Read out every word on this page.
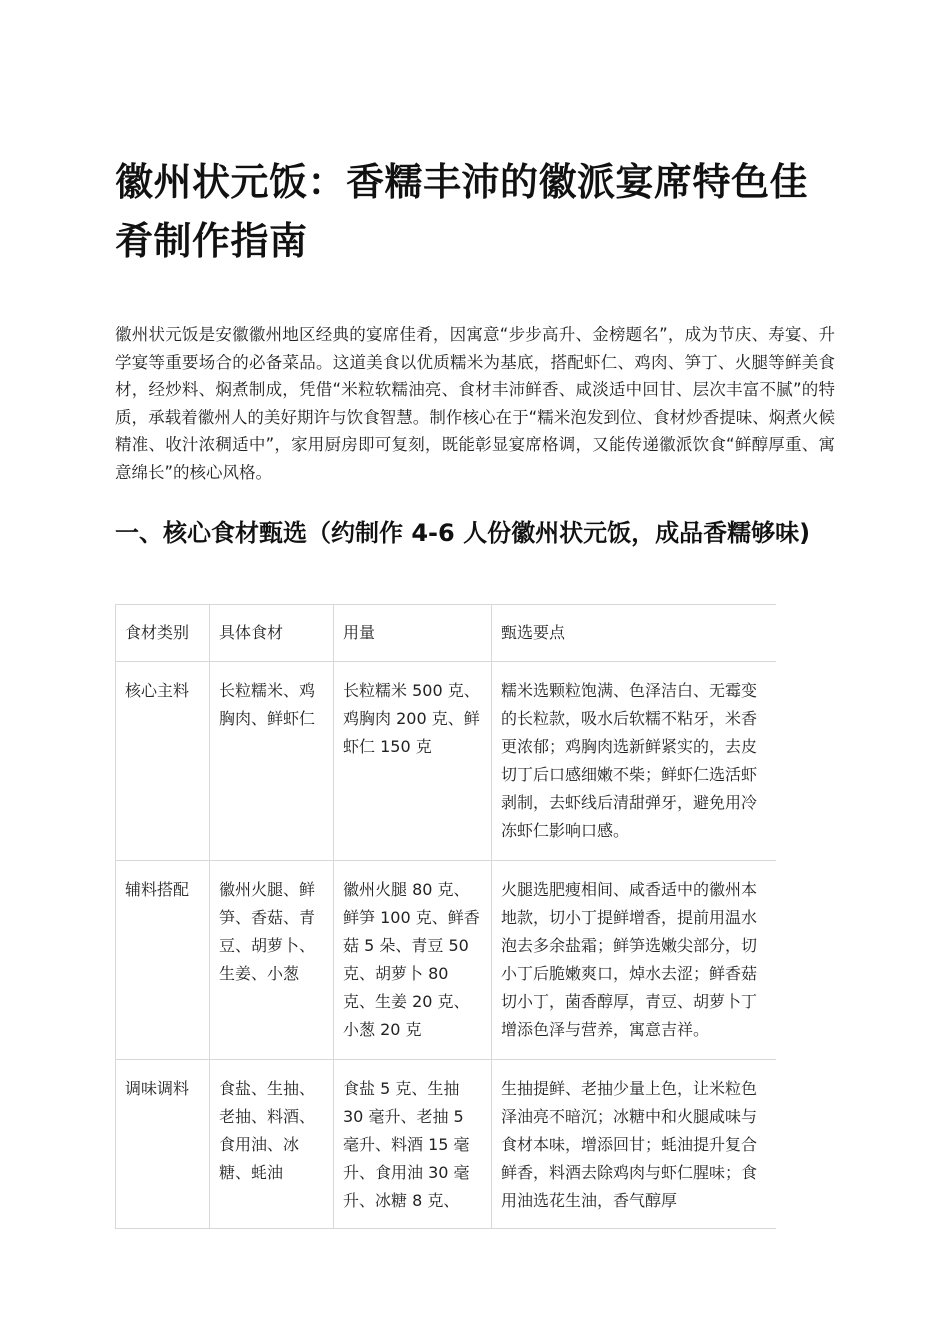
徽州状元饭：香糯丰沛的徽派宴席特色佳肴制作指南

徽州状元饭是安徽徽州地区经典的宴席佳肴，因寓意“步步高升、金榜题名”，成为节庆、寿宴、升学宴等重要场合的必备菜品。这道美食以优质糯米为基底，搭配虾仁、鸡肉、笋丁、火腿等鲜美食材，经炒料、焖煮制成，凭借“米粒软糯油亮、食材丰沛鲜香、咸淡适中回甘、层次丰富不腻”的特质，承载着徽州人的美好期许与饮食智慧。制作核心在于“糯米泡发到位、食材炒香提味、焖煮火候精准、收汁浓稠适中”，家用厨房即可复刻，既能彰显宴席格调，又能传递徽派饮食“鲜醇厚重、寓意绵长”的核心风格。

一、核心食材甄选（约制作 4-6 人份徽州状元饭，成品香糯够味)
食材类别	具体食材	用量	甄选要点
核心主料	长粒糯米、鸡胸肉、鲜虾仁	长粒糯米 500 克、鸡胸肉 200 克、鲜虾仁 150 克	糯米选颗粒饱满、色泽洁白、无霉变的长粒款，吸水后软糯不粘牙，米香更浓郁；鸡胸肉选新鲜紧实的，去皮切丁后口感细嫩不柴；鲜虾仁选活虾剥制，去虾线后清甜弹牙，避免用冷冻虾仁影响口感。
辅料搭配	徽州火腿、鲜笋、香菇、青豆、胡萝卜、生姜、小葱	徽州火腿 80 克、鲜笋 100 克、鲜香菇 5 朵、青豆 50 克、胡萝卜 80 克、生姜 20 克、小葱 20 克	火腿选肥瘦相间、咸香适中的徽州本地款，切小丁提鲜增香，提前用温水泡去多余盐霜；鲜笋选嫩尖部分，切小丁后脆嫩爽口，焯水去涩；鲜香菇切小丁，菌香醇厚，青豆、胡萝卜丁增添色泽与营养，寓意吉祥。
调味调料	食盐、生抽、老抽、料酒、食用油、冰糖、蚝油	食盐 5 克、生抽 30 毫升、老抽 5 毫升、料酒 15 毫升、食用油 30 毫升、冰糖 8 克、	生抽提鲜、老抽少量上色，让米粒色泽油亮不暗沉；冰糖中和火腿咸味与食材本味，增添回甘；蚝油提升复合鲜香，料酒去除鸡肉与虾仁腥味；食用油选花生油，香气醇厚
